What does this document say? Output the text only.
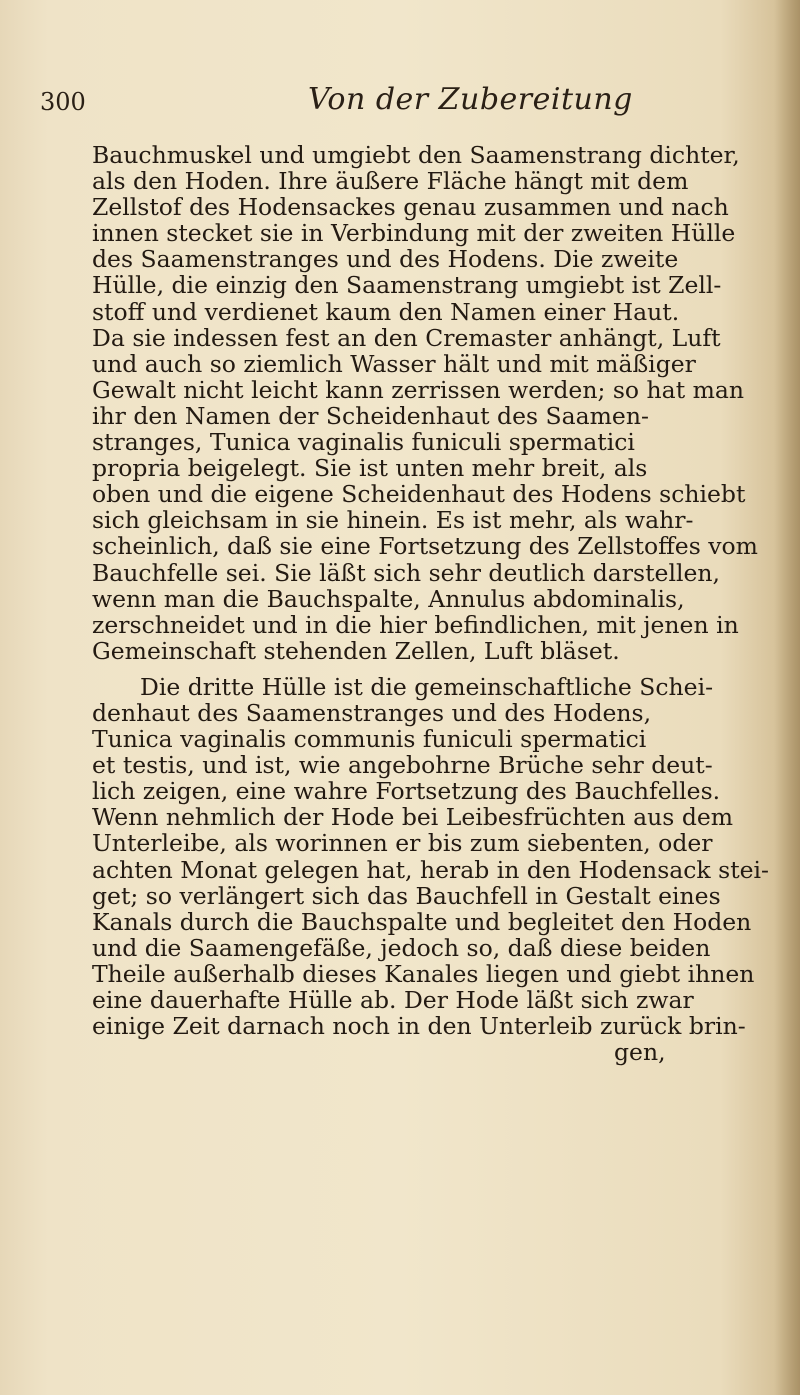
300	Von der Zubereitung
Bauchmuskel und umgiebt den Saamenstrang dichter,
als den Hoden. Ihre äußere Fläche hängt mit dem
Zellstof des Hodensackes genau zusammen und nach
innen stecket sie in Verbindung mit der zweiten Hülle
des Saamenstranges und des Hodens. Die zweite
Hülle, die einzig den Saamenstrang umgiebt ist Zell-
stoff und verdienet kaum den Namen einer Haut.
Da sie indessen fest an den Cremaster anhängt, Luft
und auch so ziemlich Wasser hält und mit mäßiger
Gewalt nicht leicht kann zerrissen werden; so hat man
ihr den Namen der Scheidenhaut des Saamen-
stranges, Tunica vaginalis funiculi spermatici
propria beigelegt. Sie ist unten mehr breit, als
oben und die eigene Scheidenhaut des Hodens schiebt
sich gleichsam in sie hinein. Es ist mehr, als wahr-
scheinlich, daß sie eine Fortsetzung des Zellstoffes vom
Bauchfelle sei. Sie läßt sich sehr deutlich darstellen,
wenn man die Bauchspalte, Annulus abdominalis,
zerschneidet und in die hier befindlichen, mit jenen in
Gemeinschaft stehenden Zellen, Luft bläset.
Die dritte Hülle ist die gemeinschaftliche Schei-
denhaut des Saamenstranges und des Hodens,
Tunica vaginalis communis funiculi spermatici
et testis, und ist, wie angebohrne Brüche sehr deut-
lich zeigen, eine wahre Fortsetzung des Bauchfelles.
Wenn nehmlich der Hode bei Leibesfrüchten aus dem
Unterleibe, als worinnen er bis zum siebenten, oder
achten Monat gelegen hat, herab in den Hodensack stei-
get; so verlängert sich das Bauchfell in Gestalt eines
Kanals durch die Bauchspalte und begleitet den Hoden
und die Saamengefäße, jedoch so, daß diese beiden
Theile außerhalb dieses Kanales liegen und giebt ihnen
eine dauerhafte Hülle ab. Der Hode läßt sich zwar
einige Zeit darnach noch in den Unterleib zurück brin-
gen,
